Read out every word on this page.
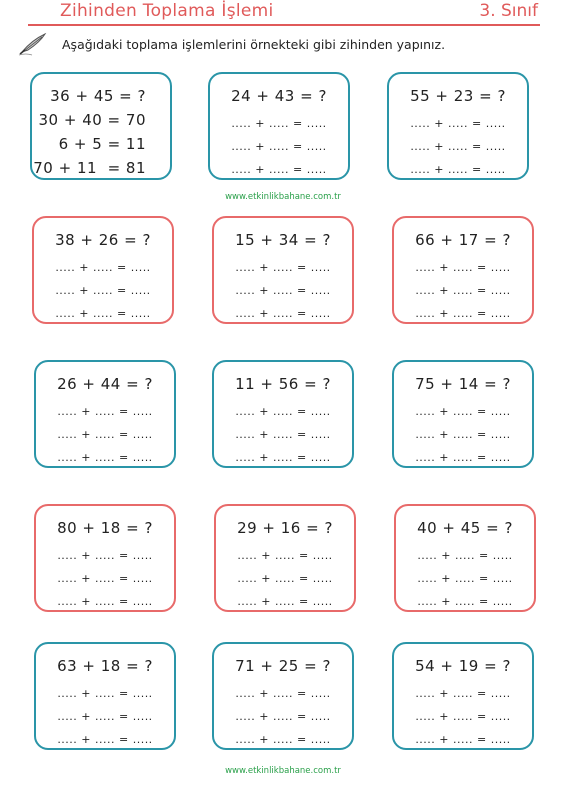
Zihinden Toplama İşlemi	3. Sınıf
Aşağıdaki toplama işlemlerini örnekteki gibi zihinden yapınız.
36 + 45 = ?
30 + 40 = 70
6 + 5 = 11
70 + 11  = 81
24 + 43 = ?
..... + ..... = .....
..... + ..... = .....
..... + ..... = .....
55 + 23 = ?
..... + ..... = .....
..... + ..... = .....
..... + ..... = .....
www.etkinlikbahane.com.tr
38 + 26 = ?
..... + ..... = .....
..... + ..... = .....
..... + ..... = .....
15 + 34 = ?
..... + ..... = .....
..... + ..... = .....
..... + ..... = .....
66 + 17 = ?
..... + ..... = .....
..... + ..... = .....
..... + ..... = .....
26 + 44 = ?
..... + ..... = .....
..... + ..... = .....
..... + ..... = .....
11 + 56 = ?
..... + ..... = .....
..... + ..... = .....
..... + ..... = .....
75 + 14 = ?
..... + ..... = .....
..... + ..... = .....
..... + ..... = .....
80 + 18 = ?
..... + ..... = .....
..... + ..... = .....
..... + ..... = .....
29 + 16 = ?
..... + ..... = .....
..... + ..... = .....
..... + ..... = .....
40 + 45 = ?
..... + ..... = .....
..... + ..... = .....
..... + ..... = .....
63 + 18 = ?
..... + ..... = .....
..... + ..... = .....
..... + ..... = .....
71 + 25 = ?
..... + ..... = .....
..... + ..... = .....
..... + ..... = .....
54 + 19 = ?
..... + ..... = .....
..... + ..... = .....
..... + ..... = .....
www.etkinlikbahane.com.tr
